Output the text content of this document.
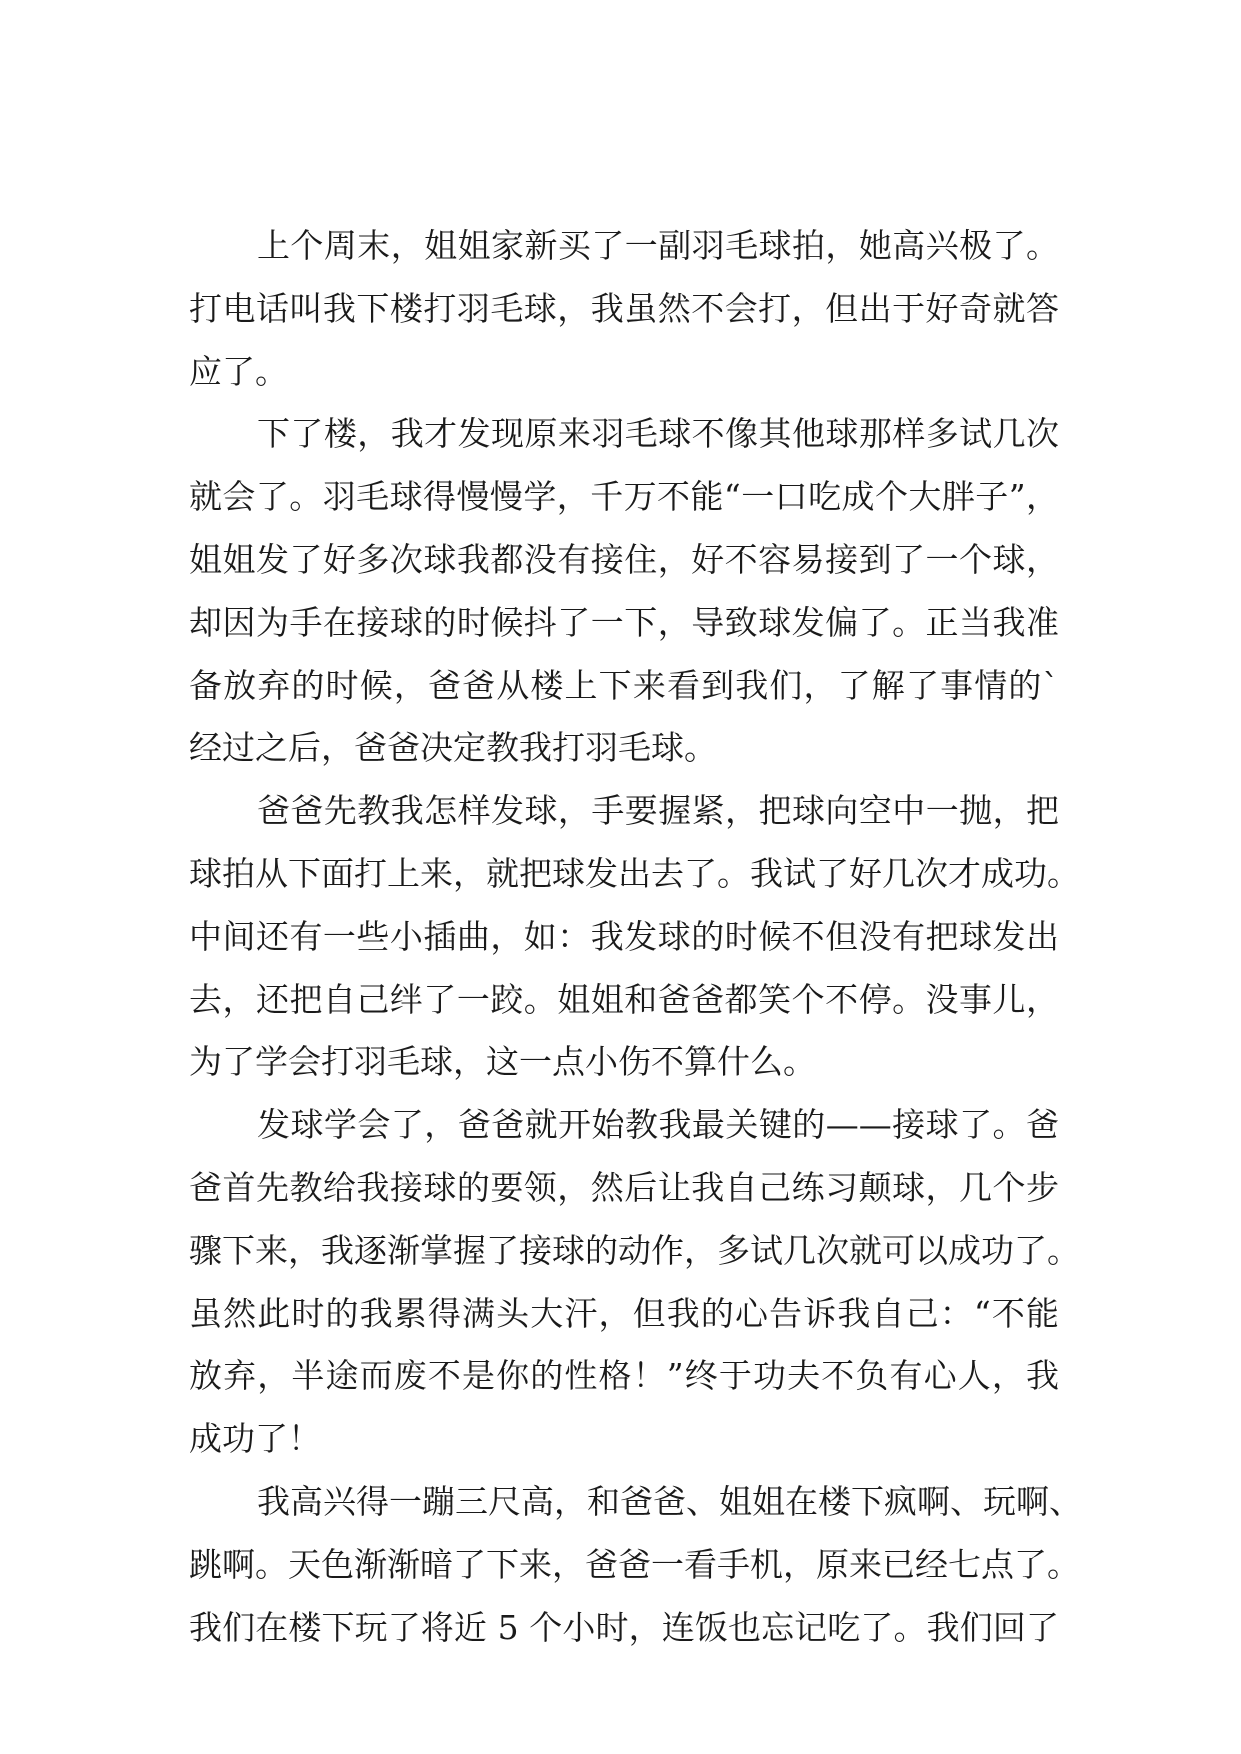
上个周末，姐姐家新买了一副羽毛球拍，她高兴极了。
打电话叫我下楼打羽毛球，我虽然不会打，但出于好奇就答
应了。
下了楼，我才发现原来羽毛球不像其他球那样多试几次
就会了。羽毛球得慢慢学，千万不能“一口吃成个大胖子”，
姐姐发了好多次球我都没有接住，好不容易接到了一个球，
却因为手在接球的时候抖了一下，导致球发偏了。正当我准
备放弃的时候，爸爸从楼上下来看到我们，了解了事情的`
经过之后，爸爸决定教我打羽毛球。
爸爸先教我怎样发球，手要握紧，把球向空中一抛，把
球拍从下面打上来，就把球发出去了。我试了好几次才成功。
中间还有一些小插曲，如：我发球的时候不但没有把球发出
去，还把自己绊了一跤。姐姐和爸爸都笑个不停。没事儿，
为了学会打羽毛球，这一点小伤不算什么。
发球学会了，爸爸就开始教我最关键的——接球了。爸
爸首先教给我接球的要领，然后让我自己练习颠球，几个步
骤下来，我逐渐掌握了接球的动作，多试几次就可以成功了。
虽然此时的我累得满头大汗，但我的心告诉我自己：“不能
放弃，半途而废不是你的性格！”终于功夫不负有心人，我
成功了！
我高兴得一蹦三尺高，和爸爸、姐姐在楼下疯啊、玩啊、
跳啊。天色渐渐暗了下来，爸爸一看手机，原来已经七点了。
我们在楼下玩了将近 5 个小时，连饭也忘记吃了。我们回了
